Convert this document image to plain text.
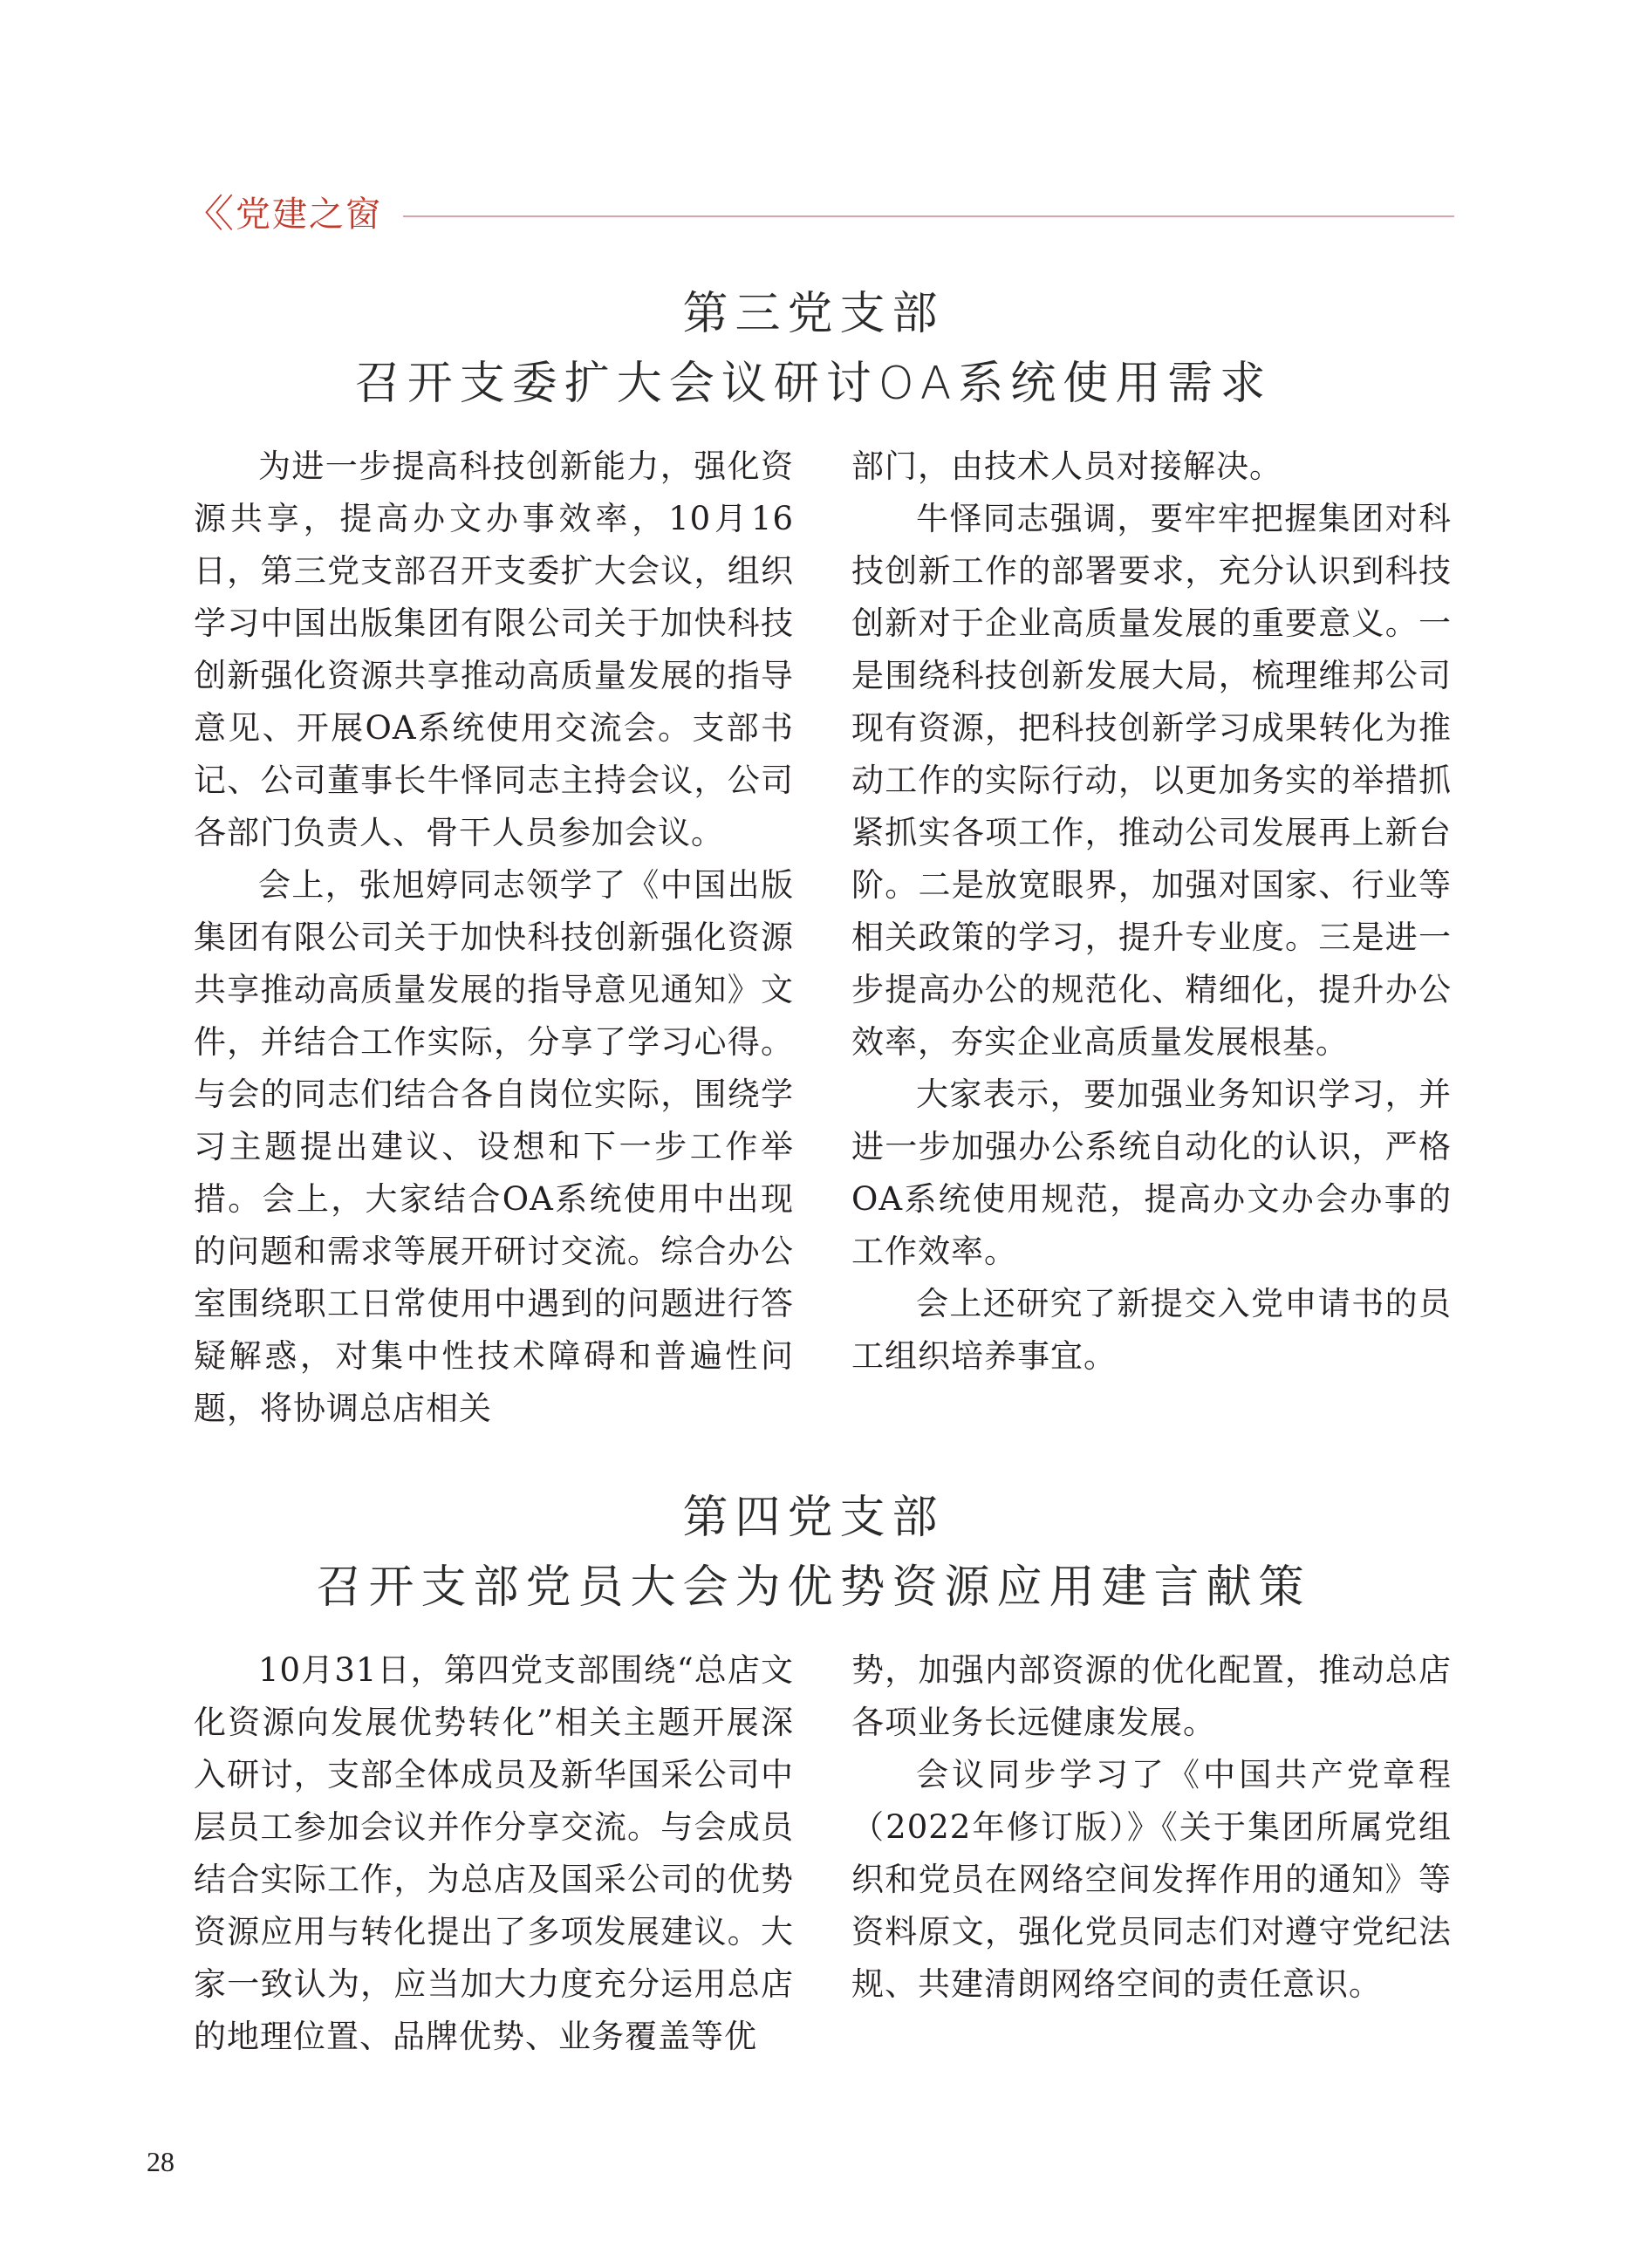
〈〈 党建之窗
第三党支部
召开支委扩大会议研讨OA系统使用需求

为进一步提高科技创新能力，强化资源共享，提高办文办事效率，10月16日，第三党支部召开支委扩大会议，组织学习中国出版集团有限公司关于加快科技创新强化资源共享推动高质量发展的指导意见、开展OA系统使用交流会。支部书记、公司董事长牛怿同志主持会议，公司各部门负责人、骨干人员参加会议。

会上，张旭婷同志领学了《中国出版集团有限公司关于加快科技创新强化资源共享推动高质量发展的指导意见通知》文件，并结合工作实际，分享了学习心得。与会的同志们结合各自岗位实际，围绕学习主题提出建议、设想和下一步工作举措。会上，大家结合OA系统使用中出现的问题和需求等展开研讨交流。综合办公室围绕职工日常使用中遇到的问题进行答疑解惑，对集中性技术障碍和普遍性问题，将协调总店相关

部门，由技术人员对接解决。

牛怿同志强调，要牢牢把握集团对科技创新工作的部署要求，充分认识到科技创新对于企业高质量发展的重要意义。一是围绕科技创新发展大局，梳理维邦公司现有资源，把科技创新学习成果转化为推动工作的实际行动，以更加务实的举措抓紧抓实各项工作，推动公司发展再上新台阶。二是放宽眼界，加强对国家、行业等相关政策的学习，提升专业度。三是进一步提高办公的规范化、精细化，提升办公效率，夯实企业高质量发展根基。

大家表示，要加强业务知识学习，并进一步加强办公系统自动化的认识，严格OA系统使用规范，提高办文办会办事的工作效率。

会上还研究了新提交入党申请书的员工组织培养事宜。

第四党支部
召开支部党员大会为优势资源应用建言献策

10月31日，第四党支部围绕“总店文化资源向发展优势转化”相关主题开展深入研讨，支部全体成员及新华国采公司中层员工参加会议并作分享交流。与会成员结合实际工作，为总店及国采公司的优势资源应用与转化提出了多项发展建议。大家一致认为，应当加大力度充分运用总店的地理位置、品牌优势、业务覆盖等优

势，加强内部资源的优化配置，推动总店各项业务长远健康发展。

会议同步学习了《中国共产党章程（2022年修订版）》《关于集团所属党组织和党员在网络空间发挥作用的通知》等资料原文，强化党员同志们对遵守党纪法规、共建清朗网络空间的责任意识。

28
